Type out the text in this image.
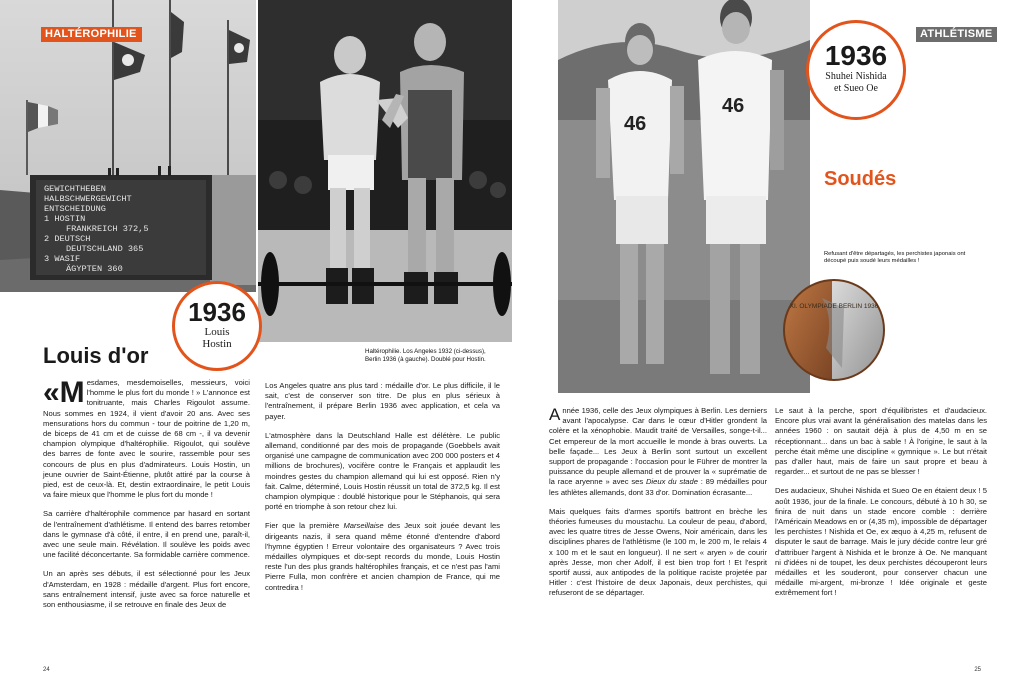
GEWICHTHEBEN
HALBSCHWERGEWICHT
ENTSCHEIDUNG
1 HOSTIN
FRANKREICH 372,5
2 DEUTSCH
DEUTSCHLAND 365
3 WASIF
ÄGYPTEN 360
HALTÉROPHILIE
1936
Louis
Hostin
Louis d'or	Haltérophilie. Los Angeles 1932 (ci-dessus), Berlin 1936 (à gauche). Doublé pour Hostin.

«Mesdames, mesdemoiselles, messieurs, voici l'homme le plus fort du monde ! » L'annonce est tonitruante, mais Charles Rigoulot assume. Nous sommes en 1924, il vient d'avoir 20 ans. Avec ses mensurations hors du commun - tour de poitrine de 1,20 m, de biceps de 41 cm et de cuisse de 68 cm -, il va devenir champion olympique d'haltérophilie. Rigoulot, qui soulève des barres de fonte avec le sourire, rassemble pour ses concours de plus en plus d'admirateurs. Louis Hostin, un jeune ouvrier de Saint-Étienne, plutôt attiré par la course à pied, est de ceux-là. Et, destin extraordinaire, le petit Louis va faire mieux que l'homme le plus fort du monde !

Sa carrière d'haltérophile commence par hasard en sortant de l'entraînement d'athlétisme. Il entend des barres retomber dans le gymnase d'à côté, il entre, il en prend une, paraît-il, avec une seule main. Révélation. Il soulève les poids avec une facilité déconcertante. Sa formidable carrière commence.

Un an après ses débuts, il est sélectionné pour les Jeux d'Amsterdam, en 1928 : médaille d'argent. Plus fort encore, sans entraînement intensif, juste avec sa force naturelle et son enthousiasme, il se retrouve en finale des Jeux de

Los Angeles quatre ans plus tard : médaille d'or. Le plus difficile, il le sait, c'est de conserver son titre. De plus en plus sérieux à l'entraînement, il prépare Berlin 1936 avec application, et cela va payer.

L'atmosphère dans la Deutschland Halle est délétère. Le public allemand, conditionné par des mois de propagande (Goebbels avait organisé une campagne de communication avec 200 000 posters et 4 millions de brochures), vocifère contre le Français et applaudit les moindres gestes du champion allemand qui lui est opposé. Rien n'y fait. Calme, déterminé, Louis Hostin réussit un total de 372,5 kg. Il est champion olympique : doublé historique pour le Stéphanois, qui sera porté en triomphe à son retour chez lui.

Fier que la première Marseillaise des Jeux soit jouée devant les dirigeants nazis, il sera quand même étonné d'entendre d'abord l'hymne égyptien ! Erreur volontaire des organisateurs ? Avec trois médailles olympiques et dix-sept records du monde, Louis Hostin reste l'un des plus grands haltérophiles français, et ce n'est pas l'ami Pierre Fulla, mon confrère et ancien champion de France, qui me contredira !

24
46
46
ATHLÉTISME
1936
Shuhei Nishida
et Sueo Oe
Soudés
Refusant d'être départagés, les perchistes japonais ont découpé puis soudé leurs médailles !
XI. OLYMPIADE BERLIN 1936

Année 1936, celle des Jeux olympiques à Berlin. Les derniers avant l'apocalypse. Car dans le cœur d'Hitler grondent la colère et la xénophobie. Maudit traité de Versailles, songe-t-il... Cet empereur de la mort accueille le monde à bras ouverts. La belle façade... Les Jeux à Berlin sont surtout un excellent support de propagande : l'occasion pour le Führer de montrer la puissance du peuple allemand et de prouver la « suprématie de la race aryenne » avec ses Dieux du stade : 89 médailles pour les athlètes allemands, dont 33 d'or. Domination écrasante...

Mais quelques faits d'armes sportifs battront en brèche les théories fumeuses du moustachu. La couleur de peau, d'abord, avec les quatre titres de Jesse Owens, Noir américain, dans les disciplines phares de l'athlétisme (le 100 m, le 200 m, le relais 4 x 100 m et le saut en longueur). Il ne sert « aryen » de courir après Jesse, mon cher Adolf, il est bien trop fort ! Et l'esprit sportif aussi, aux antipodes de la politique raciste projetée par Hitler : c'est l'histoire de deux Japonais, deux perchistes, qui refuseront de se départager.

Le saut à la perche, sport d'équilibristes et d'audacieux. Encore plus vrai avant la généralisation des matelas dans les années 1960 : on sautait déjà à plus de 4,50 m en se réceptionnant... dans un bac à sable ! À l'origine, le saut à la perche était même une discipline « gymnique ». Le but n'était pas d'aller haut, mais de faire un saut propre et beau à regarder... et surtout de ne pas se blesser !

Des audacieux, Shuhei Nishida et Sueo Oe en étaient deux ! 5 août 1936, jour de la finale. Le concours, débuté à 10 h 30, se finira de nuit dans un stade encore comble : derrière l'Américain Meadows en or (4,35 m), impossible de départager les perchistes ! Nishida et Oe, ex æquo à 4,25 m, refusent de disputer le saut de barrage. Mais le jury décide contre leur gré d'attribuer l'argent à Nishida et le bronze à Oe. Ne manquant ni d'idées ni de toupet, les deux perchistes découperont leurs médailles et les souderont, pour conserver chacun une médaille mi-argent, mi-bronze ! Idée originale et geste extrêmement fort !

25
